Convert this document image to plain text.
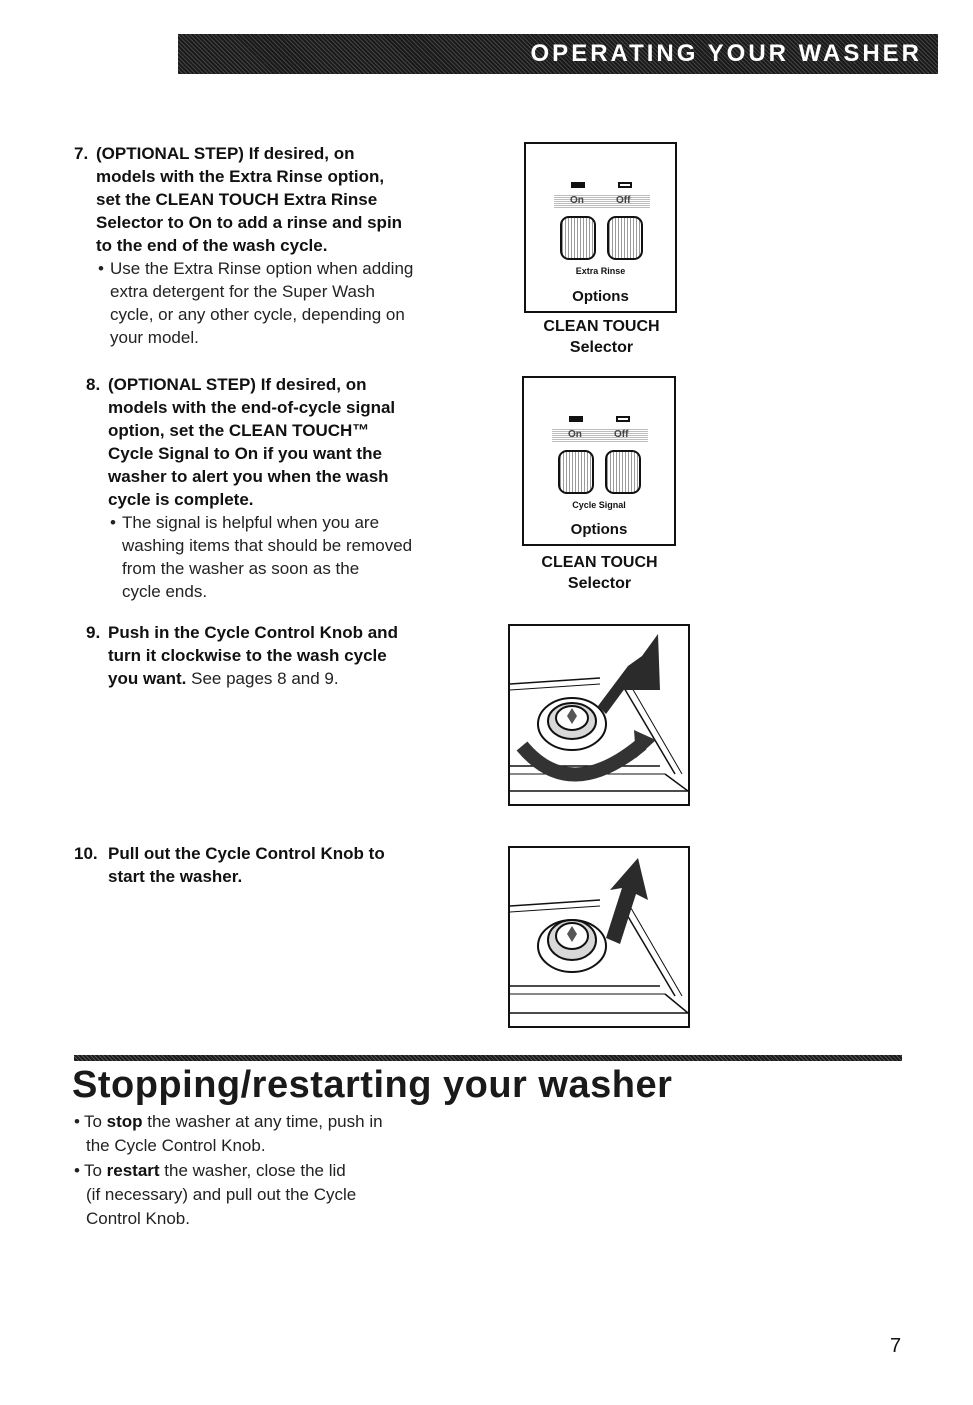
OPERATING YOUR WASHER
7. (OPTIONAL STEP) If desired, on
models with the Extra Rinse option,
set the CLEAN TOUCH Extra Rinse
Selector to On to add a rinse and spin
to the end of the wash cycle.
• Use the Extra Rinse option when adding
extra detergent for the Super Wash
cycle, or any other cycle, depending on
your model.
8. (OPTIONAL STEP) If desired, on
models with the end-of-cycle signal
option, set the CLEAN TOUCH™
Cycle Signal to On if you want the
washer to alert you when the wash
cycle is complete.
• The signal is helpful when you are
washing items that should be removed
from the washer as soon as the
cycle ends.
9. Push in the Cycle Control Knob and
turn it clockwise to the wash cycle
you want. See pages 8 and 9.
10. Pull out the Cycle Control Knob to
start the washer.
On	Off
Extra Rinse
Options
CLEAN TOUCH
Selector
On	Off
Cycle Signal
Options
CLEAN TOUCH
Selector
Stopping/restarting your washer
• To stop the washer at any time, push in
the Cycle Control Knob.
• To restart the washer, close the lid
(if necessary) and pull out the Cycle
Control Knob.
7
